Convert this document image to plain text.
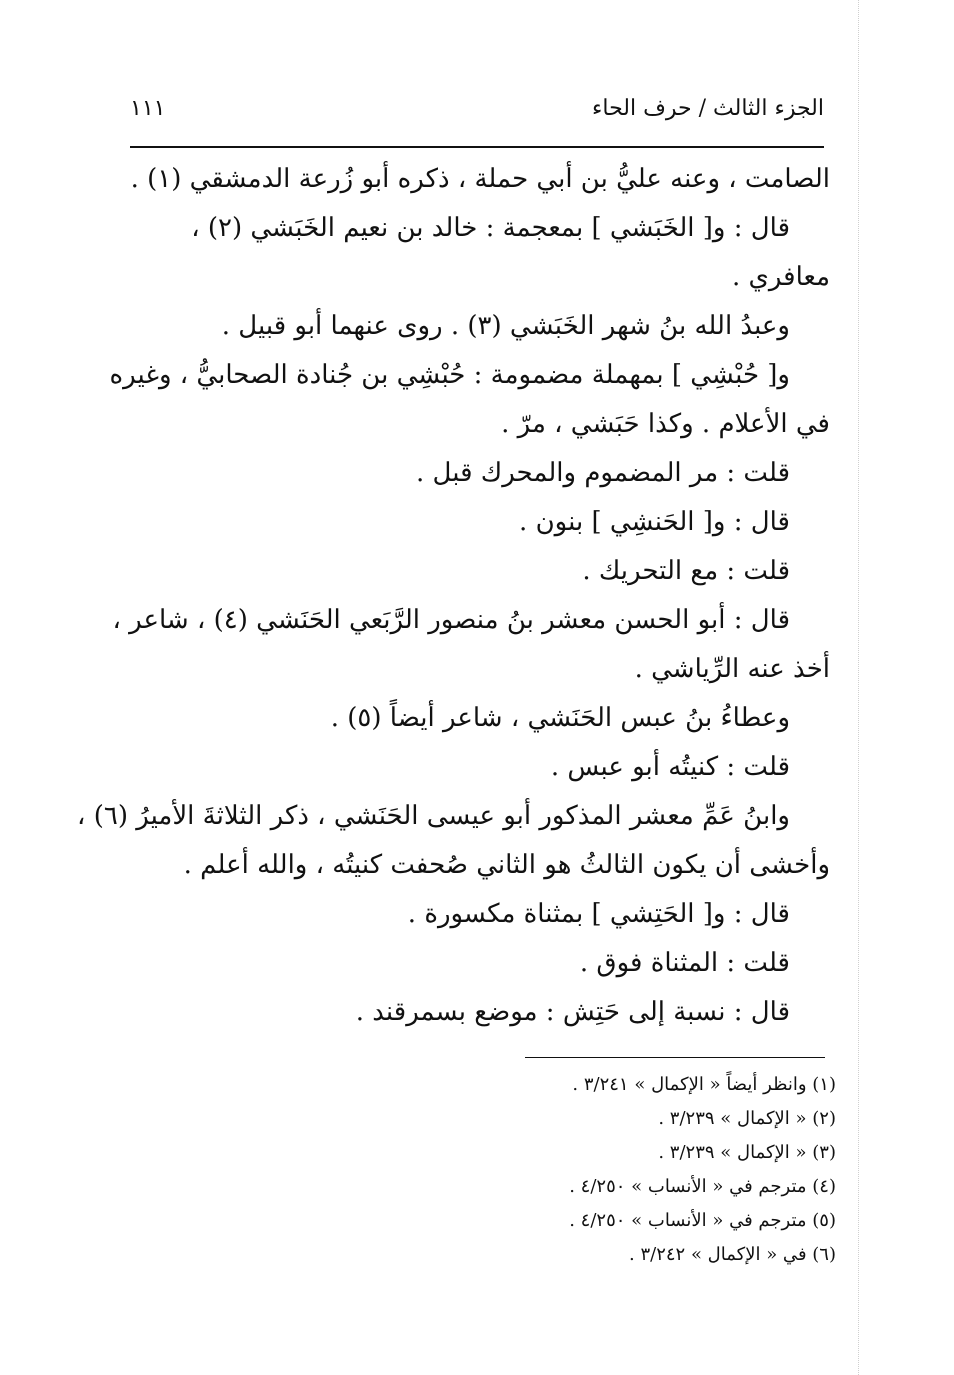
الجزء الثالث / حرف الحاء
١١١
الصامت ، وعنه عليُّ بن أبي حملة ، ذكره أبو زُرعة الدمشقي (١) .
قال : و[ الخَبَشي ] بمعجمة : خالد بن نعيم الخَبَشي (٢) ،
معافري .
وعبدُ الله بنُ شهر الخَبَشي (٣) . روى عنهما أبو قبيل .
و[ حُبْشِي ] بمهملة مضمومة : حُبْشِي بن جُنادة الصحابيُّ ، وغيره
في الأعلام . وكذا حَبَشي ، مرّ .
قلت : مر المضموم والمحرك قبل .
قال : و[ الحَنشِي ] بنون .
قلت : مع التحريك .
قال : أبو الحسن معشر بنُ منصور الرَّبَعي الحَنَشي (٤) ، شاعر ،
أخذ عنه الرِّياشي .
وعطاءُ بنُ عبس الحَنَشي ، شاعر أيضاً (٥) .
قلت : كنيتُه أبو عبس .
وابنُ عَمِّ معشر المذكور أبو عيسى الحَنَشي ، ذكر الثلاثةَ الأميرُ (٦) ،
وأخشى أن يكون الثالثُ هو الثاني صُحفت كنيتُه ، والله أعلم .
قال : و[ الحَتِشي ] بمثناة مكسورة .
قلت : المثناة فوق .
قال : نسبة إلى حَتِش : موضع بسمرقند .
(١) وانظر أيضاً « الإكمال » ٣/٢٤١ .
(٢) « الإكمال » ٣/٢٣٩ .
(٣) « الإكمال » ٣/٢٣٩ .
(٤) مترجم في « الأنساب » ٤/٢٥٠ .
(٥) مترجم في « الأنساب » ٤/٢٥٠ .
(٦) في « الإكمال » ٣/٢٤٢ .
